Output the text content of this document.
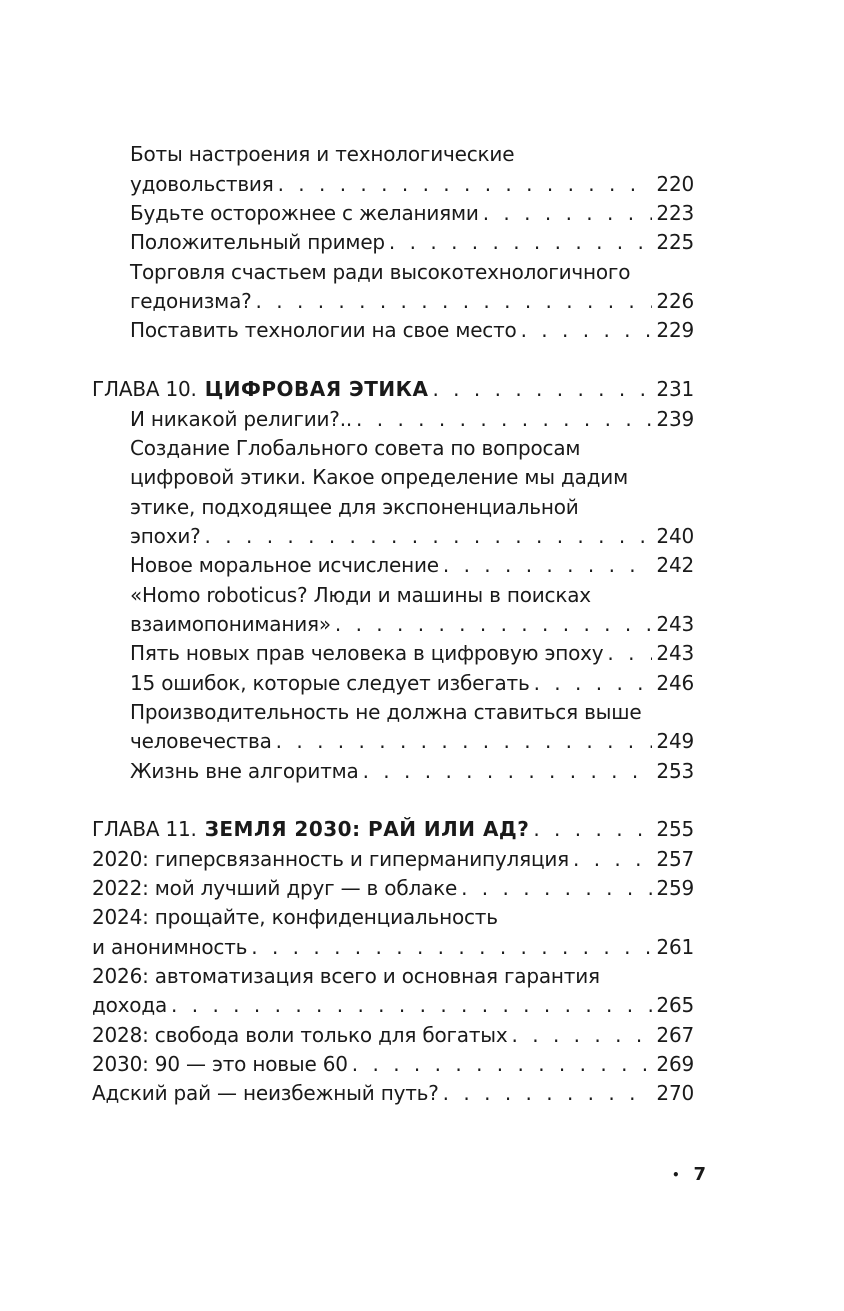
Боты настроения и технологические
удовольствия . . .	220
Будьте осторожнее с желаниями . . .	223
Положительный пример . . .	225
Торговля счастьем ради высокотехнологичного
гедонизма? . . .	226
Поставить технологии на свое место . . .	229
ГЛАВА 10. ЦИФРОВАЯ ЭТИКА . . .	231
И никакой религии?.. . . .	239
Создание Глобального совета по вопросам
цифровой этики. Какое определение мы дадим
этике, подходящее для экспоненциальной
эпохи? . . .	240
Новое моральное исчисление . . .	242
«Homo roboticus? Люди и машины в поисках
взаимопонимания» . . .	243
Пять новых прав человека в цифровую эпоху . . .	243
15 ошибок, которые следует избегать . . .	246
Производительность не должна ставиться выше
человечества . . .	249
Жизнь вне алгоритма . . .	253
ГЛАВА 11. ЗЕМЛЯ 2030: РАЙ ИЛИ АД? . . .	255
2020: гиперсвязанность и гиперманипуляция . . .	257
2022: мой лучший друг — в облаке . . .	259
2024: прощайте, конфиденциальность
и анонимность . . .	261
2026: автоматизация всего и основная гарантия
дохода . . .	265
2028: свобода воли только для богатых . . .	267
2030: 90 — это новые 60 . . .	269
Адский рай — неизбежный путь? . . .	270
• 7
